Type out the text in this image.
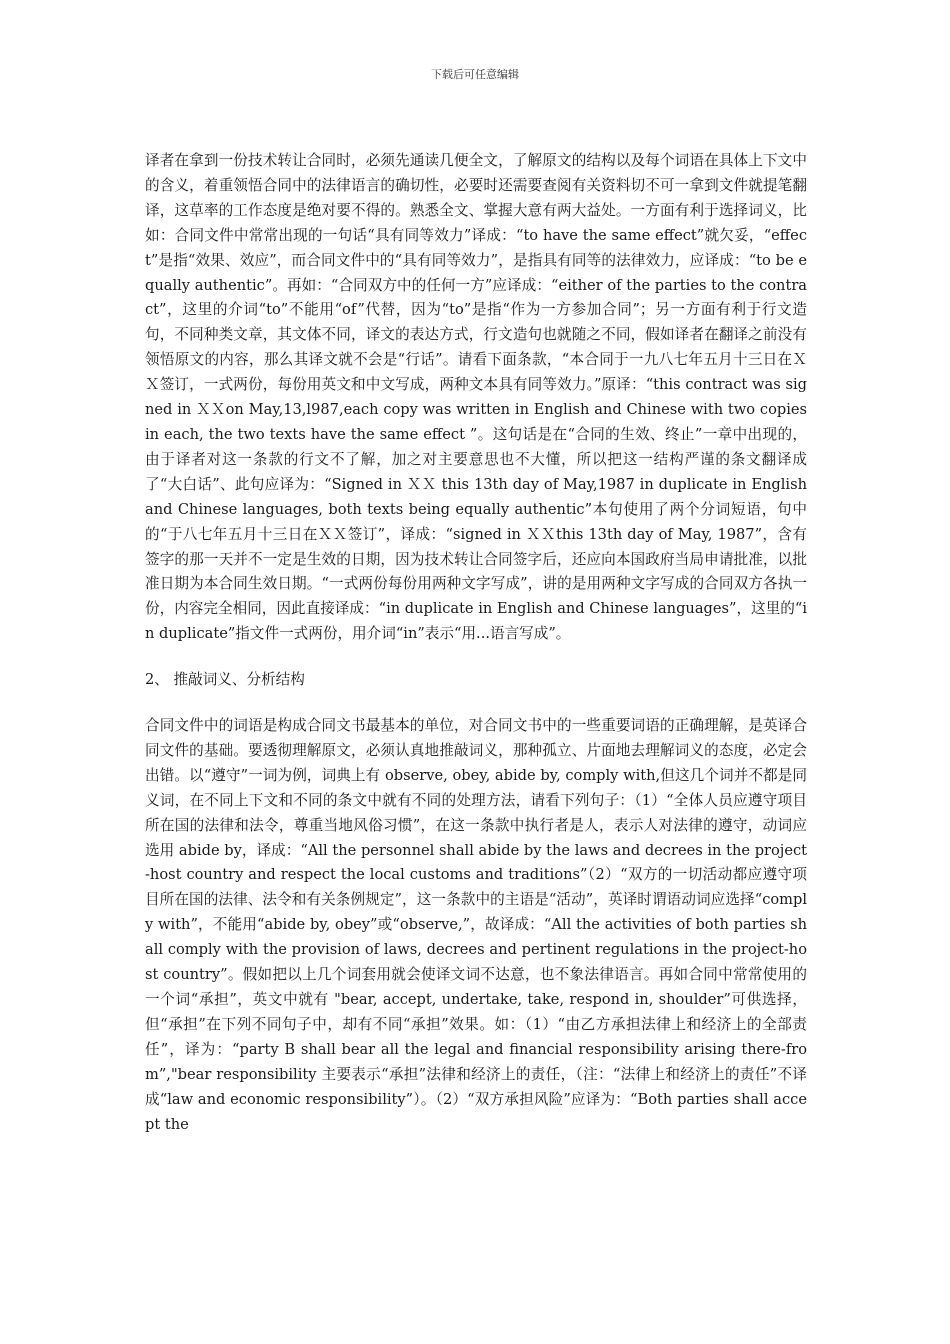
下载后可任意编辑

译者在拿到一份技术转让合同时，必须先通读几便全文，了解原文的结构以及每个词语在具体上下文中的含义，着重领悟合同中的法律语言的确切性，必要时还需要查阅有关资料切不可一拿到文件就提笔翻译，这草率的工作态度是绝对要不得的。熟悉全文、掌握大意有两大益处。一方面有利于选择词义，比如：合同文件中常常出现的一句话“具有同等效力”译成：“to have the same effect”就欠妥，“effect”是指“效果、效应”，而合同文件中的“具有同等效力”，是指具有同等的法律效力，应译成：“to be equally authentic”。再如：“合同双方中的任何一方”应译成：“either of the parties to the contract”，这里的介词“to”不能用“of”代替，因为“to”是指“作为一方参加合同”；另一方面有利于行文造句，不同种类文章，其文体不同，译文的表达方式，行文造句也就随之不同，假如译者在翻译之前没有领悟原文的内容，那么其译文就不会是“行话”。请看下面条款，“本合同于一九八七年五月十三日在ＸＸ签订，一式两份，每份用英文和中文写成，两种文本具有同等效力。”原译：“this contract was signed in ＸＸon May,13,l987,each copy was written in English and Chinese with two copies in each, the two texts have the same effect ”。这句话是在“合同的生效、终止”一章中出现的，由于译者对这一条款的行文不了解，加之对主要意思也不大懂，所以把这一结构严谨的条文翻译成了“大白话”、此句应译为：“Signed in ＸＸ this 13th day of May,1987 in duplicate in English and Chinese languages, both texts being equally authentic”本句使用了两个分词短语，句中的“于八七年五月十三日在ＸＸ签订”，译成：“signed in ＸＸthis 13th day of May, 1987”，含有签字的那一天并不一定是生效的日期，因为技术转让合同签字后，还应向本国政府当局申请批准，以批准日期为本合同生效日期。“一式两份每份用两种文字写成”，讲的是用两种文字写成的合同双方各执一份，内容完全相同，因此直接译成：“in duplicate in English and Chinese languages”，这里的“in duplicate”指文件一式两份，用介词“in”表示“用...语言写成”。

2、 推敲词义、分析结构

合同文件中的词语是构成合同文书最基本的单位，对合同文书中的一些重要词语的正确理解，是英译合同文件的基础。要透彻理解原文，必须认真地推敲词义，那种孤立、片面地去理解词义的态度，必定会出错。以“遵守”一词为例，词典上有 observe, obey, abide by, comply with,但这几个词并不都是同义词，在不同上下文和不同的条文中就有不同的处理方法，请看下列句子：（1）“全体人员应遵守项目所在国的法律和法令，尊重当地风俗习惯”，在这一条款中执行者是人，表示人对法律的遵守，动词应选用 abide by，译成：“All the personnel shall abide by the laws and decrees in the project-host country and respect the local customs and traditions”（2）“双方的一切活动都应遵守项目所在国的法律、法令和有关条例规定”，这一条款中的主语是“活动”，英译时谓语动词应选择“comply with”，不能用“abide by, obey”或“observe,”，故译成：“All the activities of both parties shall comply with the provision of laws, decrees and pertinent regulations in the project-host country”。假如把以上几个词套用就会使译文词不达意，也不象法律语言。再如合同中常常使用的一个词“承担”，英文中就有 "bear, accept, undertake, take, respond in, shoulder”可供选择，但“承担”在下列不同句子中，却有不同“承担”效果。如：（1）“由乙方承担法律上和经济上的全部责任”，译为：“party B shall bear all the legal and financial responsibility arising there-from”,"bear responsibility 主要表示“承担”法律和经济上的责任，（注：“法律上和经济上的责任”不译成“law and economic responsibility”）。（2）“双方承担风险”应译为：“Both parties shall accept the
